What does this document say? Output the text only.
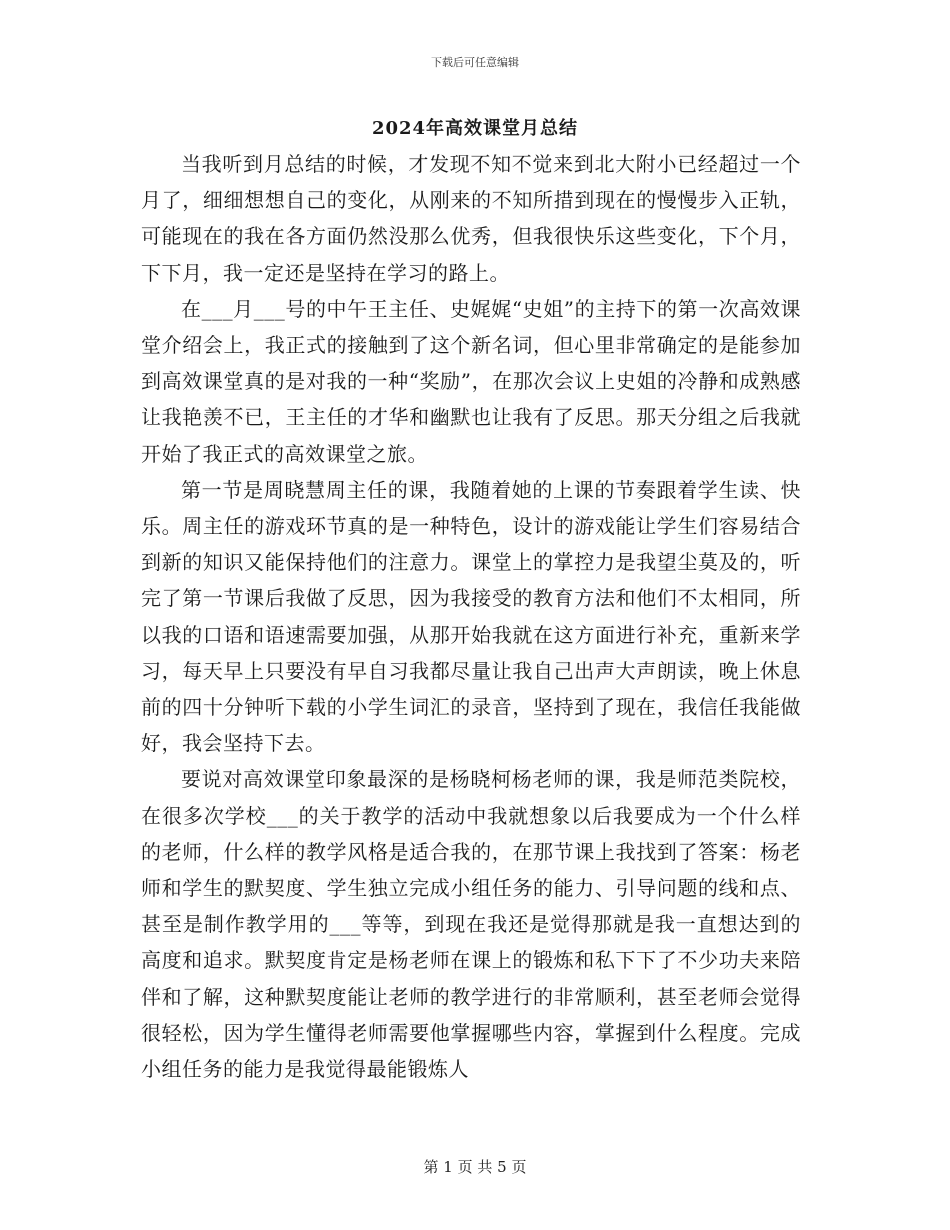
下载后可任意编辑
2024年高效课堂月总结

当我听到月总结的时候，才发现不知不觉来到北大附小已经超过一个月了，细细想想自己的变化，从刚来的不知所措到现在的慢慢步入正轨，可能现在的我在各方面仍然没那么优秀，但我很快乐这些变化，下个月，下下月，我一定还是坚持在学习的路上。

在___月___号的中午王主任、史娓娓“史姐”的主持下的第一次高效课堂介绍会上，我正式的接触到了这个新名词，但心里非常确定的是能参加到高效课堂真的是对我的一种“奖励”，在那次会议上史姐的冷静和成熟感让我艳羡不已，王主任的才华和幽默也让我有了反思。那天分组之后我就开始了我正式的高效课堂之旅。

第一节是周晓慧周主任的课，我随着她的上课的节奏跟着学生读、快乐。周主任的游戏环节真的是一种特色，设计的游戏能让学生们容易结合到新的知识又能保持他们的注意力。课堂上的掌控力是我望尘莫及的，听完了第一节课后我做了反思，因为我接受的教育方法和他们不太相同，所以我的口语和语速需要加强，从那开始我就在这方面进行补充，重新来学习，每天早上只要没有早自习我都尽量让我自己出声大声朗读，晚上休息前的四十分钟听下载的小学生词汇的录音，坚持到了现在，我信任我能做好，我会坚持下去。

要说对高效课堂印象最深的是杨晓柯杨老师的课，我是师范类院校，在很多次学校___的关于教学的活动中我就想象以后我要成为一个什么样的老师，什么样的教学风格是适合我的，在那节课上我找到了答案：杨老师和学生的默契度、学生独立完成小组任务的能力、引导问题的线和点、甚至是制作教学用的___等等，到现在我还是觉得那就是我一直想达到的高度和追求。默契度肯定是杨老师在课上的锻炼和私下下了不少功夫来陪伴和了解，这种默契度能让老师的教学进行的非常顺利，甚至老师会觉得很轻松，因为学生懂得老师需要他掌握哪些内容，掌握到什么程度。完成小组任务的能力是我觉得最能锻炼人

第 1 页 共 5 页
